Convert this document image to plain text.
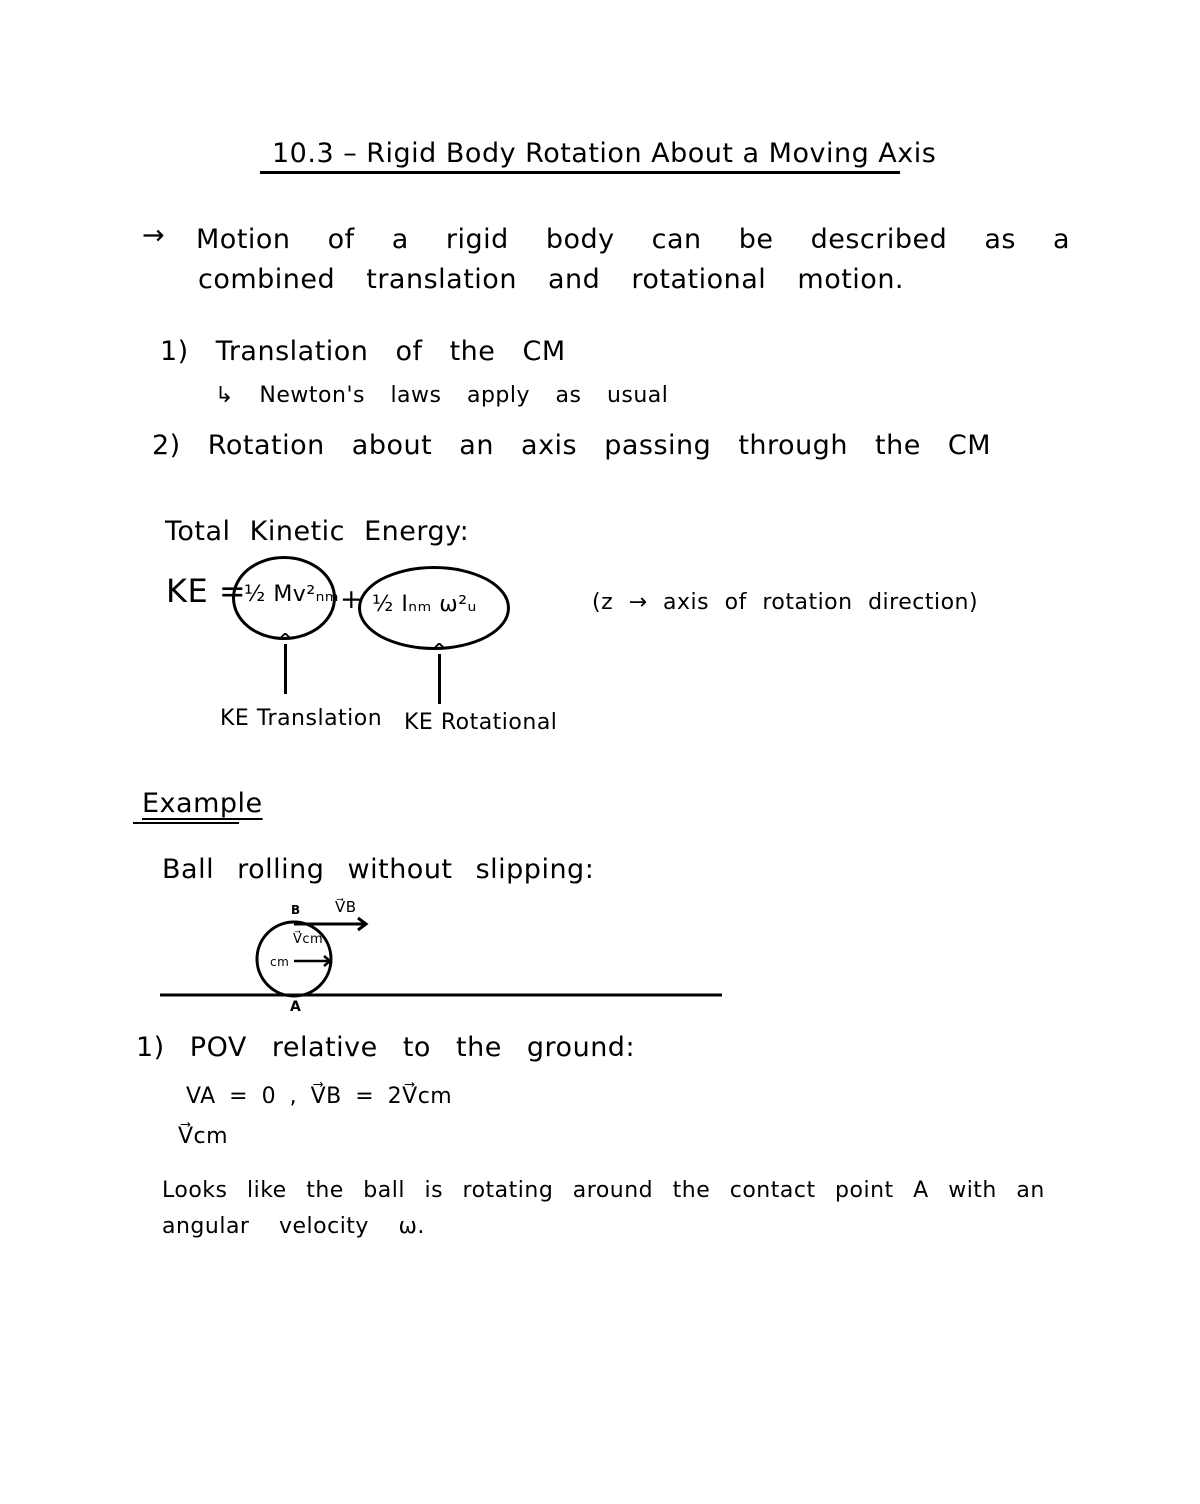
10.3 – Rigid Body Rotation About a Moving Axis
→ Motion of a rigid body can be described as a
combined translation and rotational motion.
1) Translation of the CM
↳ Newton's laws apply as usual
2) Rotation about an axis passing through the CM
Total Kinetic Energy:
KE =
½ Mv²ₙₘ + ½ Iₙₘ ω²ᵤ	(z → axis of rotation direction)
^	^
KE Translation KE Rotational
Example
Ball rolling without slipping:
B V⃗B
V⃗cm
cm
A
1) POV relative to the ground:
VA = 0 , V⃗B = 2V⃗cm
V⃗cm
Looks like the ball is rotating around the contact point A with an
angular velocity ω.
